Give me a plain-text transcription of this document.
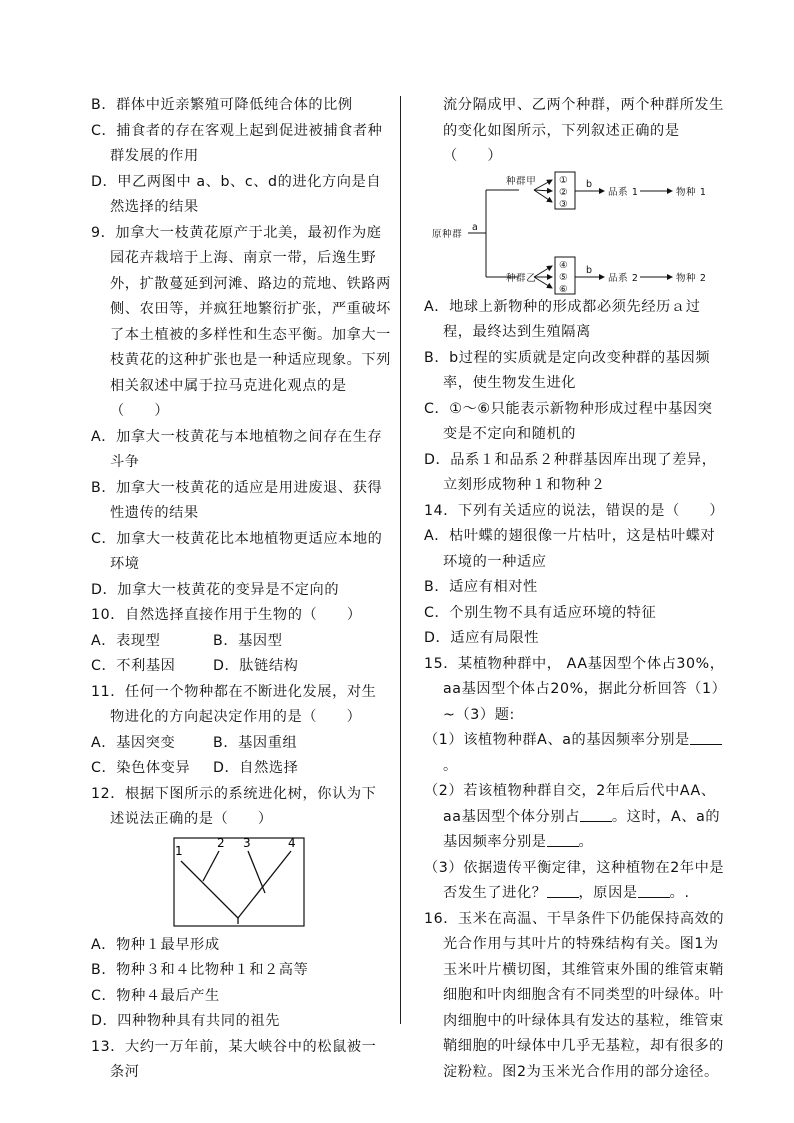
B．群体中近亲繁殖可降低纯合体的比例

C．捕食者的存在客观上起到促进被捕食者种群发展的作用

D．甲乙两图中 a、b、c、d的进化方向是自然选择的结果

9．加拿大一枝黄花原产于北美，最初作为庭园花卉栽培于上海、南京一带，后逸生野外，扩散蔓延到河滩、路边的荒地、铁路两侧、农田等，并疯狂地繁衍扩张，严重破坏了本土植被的多样性和生态平衡。加拿大一枝黄花的这种扩张也是一种适应现象。下列相关叙述中属于拉马克进化观点的是（　　）

A．加拿大一枝黄花与本地植物之间存在生存斗争

B．加拿大一枝黄花的适应是用进废退、获得性遗传的结果

C．加拿大一枝黄花比本地植物更适应本地的环境

D．加拿大一枝黄花的变异是不定向的

10．自然选择直接作用于生物的（　　）

A．表现型	B．基因型
C．不利基因	D．肽链结构

11．任何一个物种都在不断进化发展，对生物进化的方向起决定作用的是（　　）

A．基因突变	B．基因重组
C．染色体变异	D．自然选择

12．根据下图所示的系统进化树，你认为下述说法正确的是（　　）

1
2 3	4

A．物种１最早形成

B．物种３和４比物种１和２高等

C．物种４最后产生

D．四种物种具有共同的祖先

13．大约一万年前，某大峡谷中的松鼠被一条河

流分隔成甲、乙两个种群，两个种群所发生的变化如图所示，下列叙述正确的是（　　）

原种群
a
种群甲
种群乙
①
②
③
④
⑤
⑥
b
b
品系 1
品系 2
物种 1
物种 2

A．地球上新物种的形成都必须先经历ａ过程，最终达到生殖隔离

B．b过程的实质就是定向改变种群的基因频率，使生物发生进化

C．①～⑥只能表示新物种形成过程中基因突变是不定向和随机的

D．品系１和品系２种群基因库出现了差异，立刻形成物种１和物种２

14．下列有关适应的说法，错误的是（　　）

A．枯叶蝶的翅很像一片枯叶，这是枯叶蝶对环境的一种适应

B．适应有相对性

C．个别生物不具有适应环境的特征

D．适应有局限性

15．某植物种群中， AA基因型个体占30%，aa基因型个体占20%，据此分析回答（1）~（3）题:

（1）该植物种群A、a的基因频率分别是。

（2）若该植物种群自交，2年后后代中AA、aa基因型个体分别占 。这时，A、a的基因频率分别是 。

（3）依据遗传平衡定律，这种植物在2年中是否发生了进化？ ，原因是 。.

16．玉米在高温、干旱条件下仍能保持高效的光合作用与其叶片的特殊结构有关。图1为玉米叶片横切图，其维管束外围的维管束鞘细胞和叶肉细胞含有不同类型的叶绿体。叶肉细胞中的叶绿体具有发达的基粒，维管束鞘细胞的叶绿体中几乎无基粒，却有很多的淀粉粒。图2为玉米光合作用的部分途径。
